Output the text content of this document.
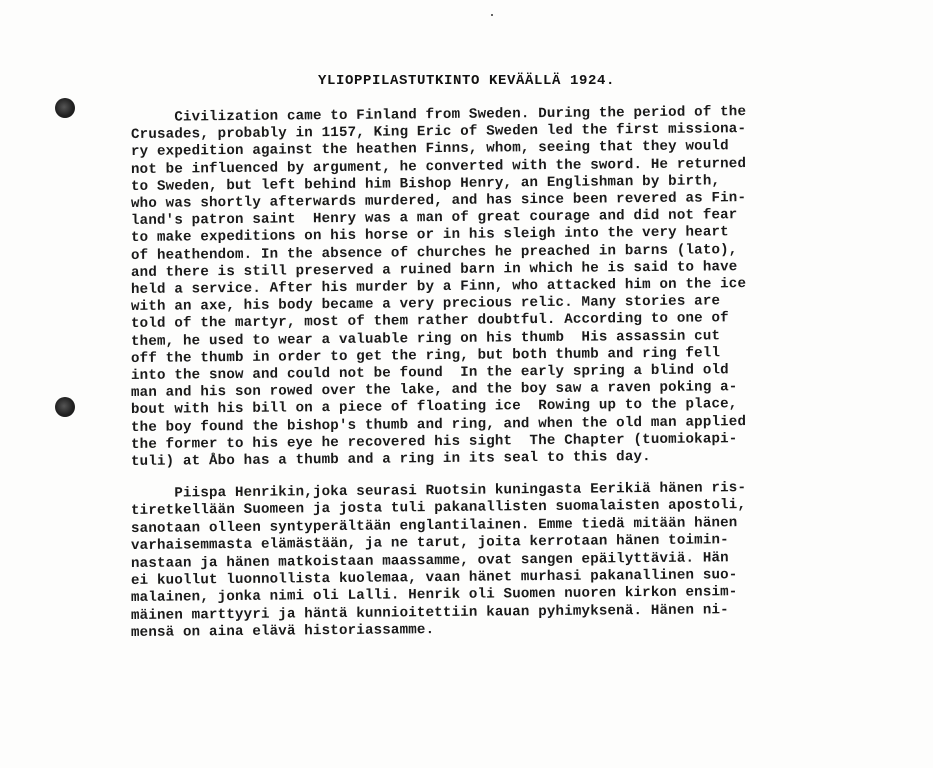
YLIOPPILASTUTKINTO KEVÄÄLLÄ 1924.
Civilization came to Finland from Sweden. During the period of the
Crusades, probably in 1157, King Eric of Sweden led the first missiona-
ry expedition against the heathen Finns, whom, seeing that they would
not be influenced by argument, he converted with the sword. He returned
to Sweden, but left behind him Bishop Henry, an Englishman by birth,
who was shortly afterwards murdered, and has since been revered as Fin-
land's patron saint  Henry was a man of great courage and did not fear
to make expeditions on his horse or in his sleigh into the very heart
of heathendom. In the absence of churches he preached in barns (lato),
and there is still preserved a ruined barn in which he is said to have
held a service. After his murder by a Finn, who attacked him on the ice
with an axe, his body became a very precious relic. Many stories are
told of the martyr, most of them rather doubtful. According to one of
them, he used to wear a valuable ring on his thumb  His assassin cut
off the thumb in order to get the ring, but both thumb and ring fell
into the snow and could not be found  In the early spring a blind old
man and his son rowed over the lake, and the boy saw a raven poking a-
bout with his bill on a piece of floating ice  Rowing up to the place,
the boy found the bishop's thumb and ring, and when the old man applied
the former to his eye he recovered his sight  The Chapter (tuomiokapi-
tuli) at Åbo has a thumb and a ring in its seal to this day.
Piispa Henrikin,joka seurasi Ruotsin kuningasta Eerikiä hänen ris-
tiretkellään Suomeen ja josta tuli pakanallisten suomalaisten apostoli,
sanotaan olleen syntyperältään englantilainen. Emme tiedä mitään hänen
varhaisemmasta elämästään, ja ne tarut, joita kerrotaan hänen toimin-
nastaan ja hänen matkoistaan maassamme, ovat sangen epäilyttäviä. Hän
ei kuollut luonnollista kuolemaa, vaan hänet murhasi pakanallinen suo-
malainen, jonka nimi oli Lalli. Henrik oli Suomen nuoren kirkon ensim-
mäinen marttyyri ja häntä kunnioitettiin kauan pyhimyksenä. Hänen ni-
mensä on aina elävä historiassamme.
